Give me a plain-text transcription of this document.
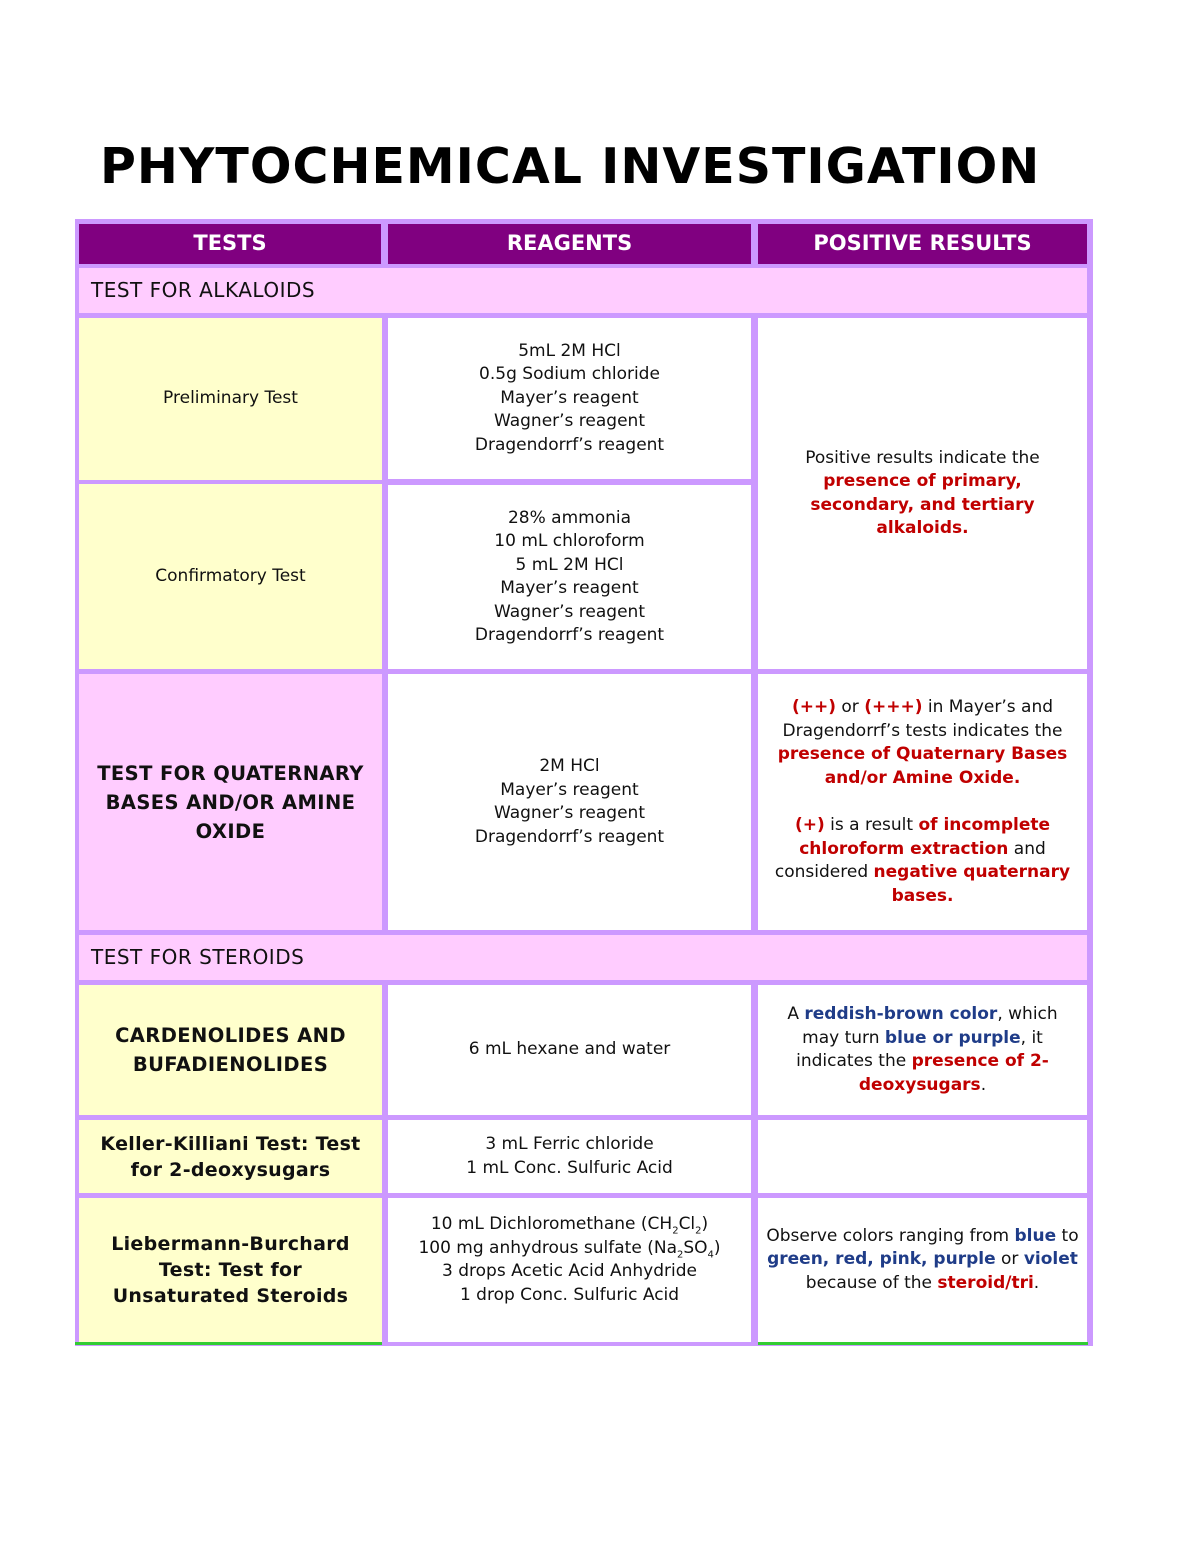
PHYTOCHEMICAL INVESTIGATION
TESTS	REAGENTS	POSITIVE RESULTS
TEST FOR ALKALOIDS
Preliminary Test
5mL 2M HCl
0.5g Sodium chloride
Mayer’s reagent
Wagner’s reagent
Dragendorrf’s reagent
Confirmatory Test
28% ammonia
10 mL chloroform
5 mL 2M HCl
Mayer’s reagent
Wagner’s reagent
Dragendorrf’s reagent
Positive results indicate the
presence of primary, secondary, and tertiary alkaloids.
TEST FOR QUATERNARY BASES AND/OR AMINE OXIDE
2M HCl
Mayer’s reagent
Wagner’s reagent
Dragendorrf’s reagent
(++) or (+++) in Mayer’s and Dragendorrf’s tests indicates the presence of Quaternary Bases and/or Amine Oxide.
(+) is a result of incomplete chloroform extraction and considered negative quaternary bases.
TEST FOR STEROIDS
CARDENOLIDES AND BUFADIENOLIDES
6 mL hexane and water
A reddish-brown color, which may turn blue or purple, it indicates the presence of 2-deoxysugars.
Keller-Killiani Test: Test for 2-deoxysugars
3 mL Ferric chloride
1 mL Conc. Sulfuric Acid
Liebermann-Burchard Test: Test for Unsaturated Steroids
10 mL Dichloromethane $(CH_2Cl_2)$
100 mg anhydrous sulfate $(Na_2SO_4)$
3 drops Acetic Acid Anhydride
1 drop Conc. Sulfuric Acid
Observe colors ranging from blue to green, red, pink, purple or violet because of the steroid/tri.
